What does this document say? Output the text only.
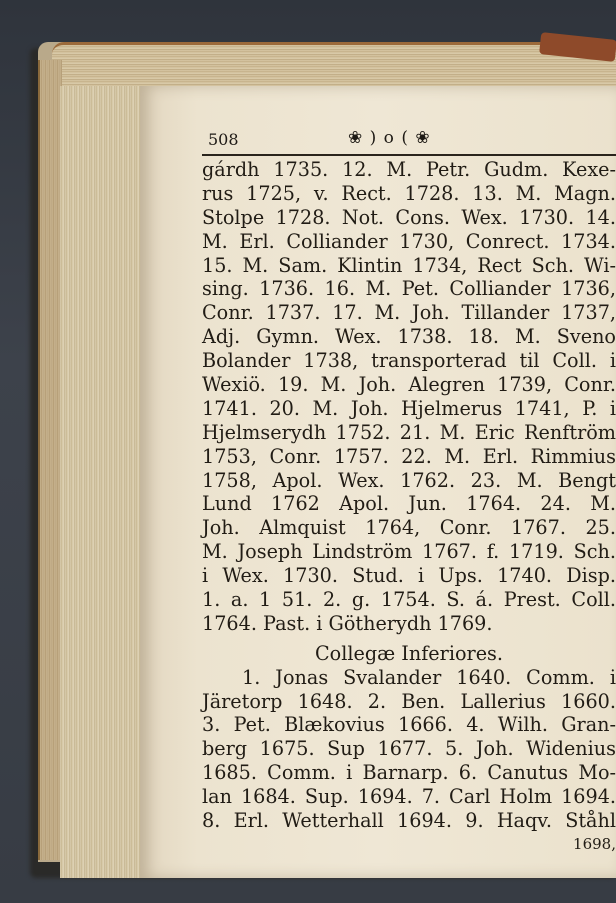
508	❀ ) o ( ❀
gárdh 1735. 12. M. Petr. Gudm. Kexe-
rus 1725, v. Rect. 1728. 13. M. Magn.
Stolpe 1728. Not. Cons. Wex. 1730. 14.
M. Erl. Colliander 1730, Conrect. 1734.
15. M. Sam. Klintin 1734, Rect Sch. Wi-
sing. 1736. 16. M. Pet. Colliander 1736,
Conr. 1737. 17. M. Joh. Tillander 1737,
Adj. Gymn. Wex. 1738. 18. M. Sveno
Bolander 1738, transporterad til Coll. i
Wexiö. 19. M. Joh. Alegren 1739, Conr.
1741. 20. M. Joh. Hjelmerus 1741, P. i
Hjelmserydh 1752. 21. M. Eric Renftröm
1753, Conr. 1757. 22. M. Erl. Rimmius
1758, Apol. Wex. 1762. 23. M. Bengt
Lund 1762 Apol. Jun. 1764. 24. M.
Joh. Almquist 1764, Conr. 1767. 25.
M. Joseph Lindström 1767. f. 1719. Sch.
i Wex. 1730. Stud. i Ups. 1740. Disp.
1. a. 1 51. 2. g. 1754. S. á. Prest. Coll.
1764. Past. i Götherydh 1769.
Collegæ Inferiores.
1. Jonas Svalander 1640. Comm. i
Järetorp 1648. 2. Ben. Lallerius 1660.
3. Pet. Blækovius 1666. 4. Wilh. Gran-
berg 1675. Sup 1677. 5. Joh. Widenius
1685. Comm. i Barnarp. 6. Canutus Mo-
lan 1684. Sup. 1694. 7. Carl Holm 1694.
8. Erl. Wetterhall 1694. 9. Haqv. Ståhl
1698,
